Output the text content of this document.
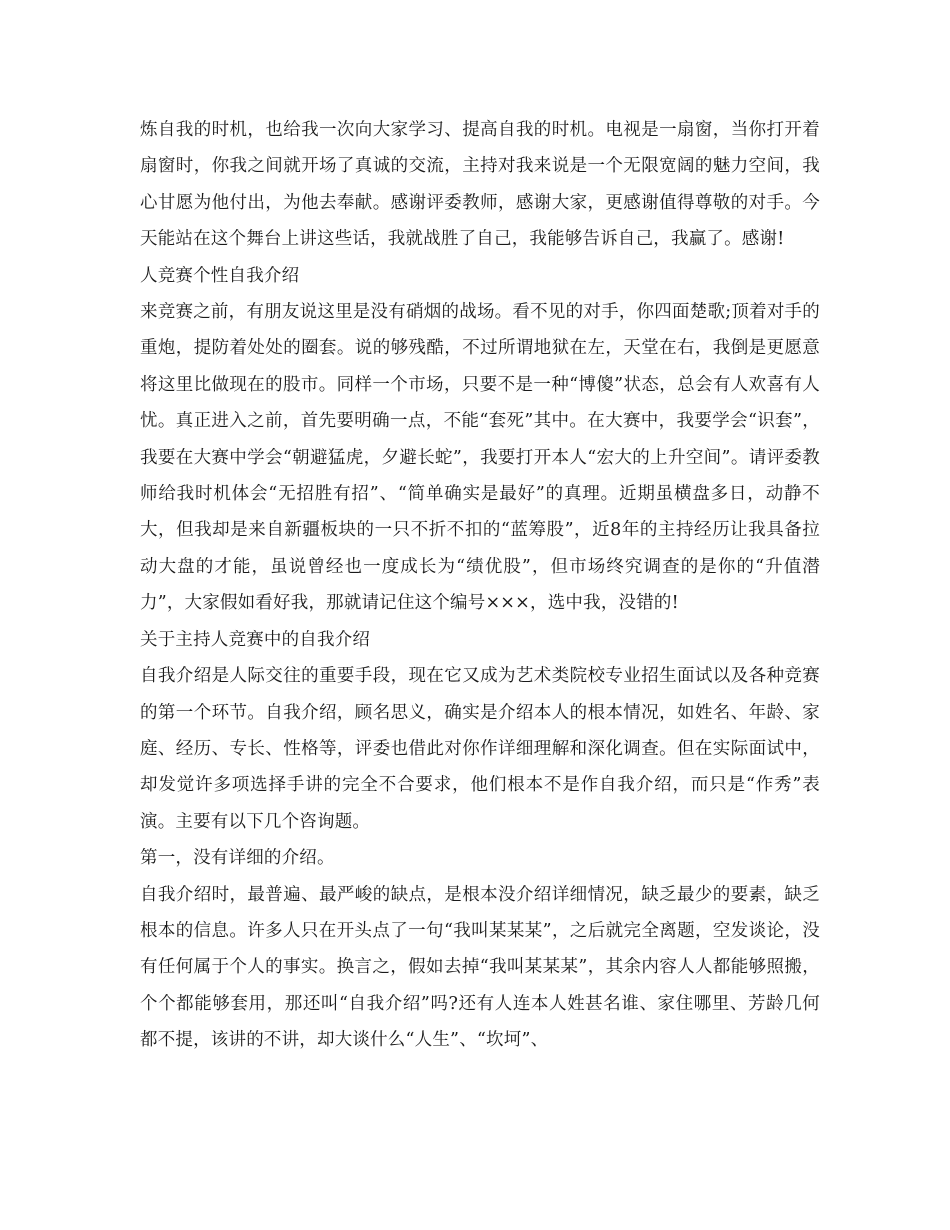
炼自我的时机，也给我一次向大家学习、提高自我的时机。电视是一扇窗，当你打开着扇窗时，你我之间就开场了真诚的交流，主持对我来说是一个无限宽阔的魅力空间，我心甘愿为他付出，为他去奉献。感谢评委教师，感谢大家，更感谢值得尊敬的对手。今天能站在这个舞台上讲这些话，我就战胜了自己，我能够告诉自己，我赢了。感谢!

人竞赛个性自我介绍

来竞赛之前，有朋友说这里是没有硝烟的战场。看不见的对手，你四面楚歌;顶着对手的重炮，提防着处处的圈套。说的够残酷，不过所谓地狱在左，天堂在右，我倒是更愿意将这里比做现在的股市。同样一个市场，只要不是一种“博傻”状态，总会有人欢喜有人忧。真正进入之前，首先要明确一点，不能“套死”其中。在大赛中，我要学会“识套”，我要在大赛中学会“朝避猛虎，夕避长蛇”，我要打开本人“宏大的上升空间”。请评委教师给我时机体会“无招胜有招”、“简单确实是最好”的真理。近期虽横盘多日，动静不大，但我却是来自新疆板块的一只不折不扣的“蓝筹股”，近8年的主持经历让我具备拉动大盘的才能，虽说曾经也一度成长为“绩优股”，但市场终究调查的是你的“升值潜力”，大家假如看好我，那就请记住这个编号×××，选中我，没错的!

关于主持人竞赛中的自我介绍

自我介绍是人际交往的重要手段，现在它又成为艺术类院校专业招生面试以及各种竞赛的第一个环节。自我介绍，顾名思义，确实是介绍本人的根本情况，如姓名、年龄、家庭、经历、专长、性格等，评委也借此对你作详细理解和深化调查。但在实际面试中，却发觉许多项选择手讲的完全不合要求，他们根本不是作自我介绍，而只是“作秀”表演。主要有以下几个咨询题。

第一，没有详细的介绍。

自我介绍时，最普遍、最严峻的缺点，是根本没介绍详细情况，缺乏最少的要素，缺乏根本的信息。许多人只在开头点了一句“我叫某某某”，之后就完全离题，空发谈论，没有任何属于个人的事实。换言之，假如去掉“我叫某某某”，其余内容人人都能够照搬，个个都能够套用，那还叫“自我介绍”吗?还有人连本人姓甚名谁、家住哪里、芳龄几何都不提，该讲的不讲，却大谈什么“人生”、“坎坷”、
